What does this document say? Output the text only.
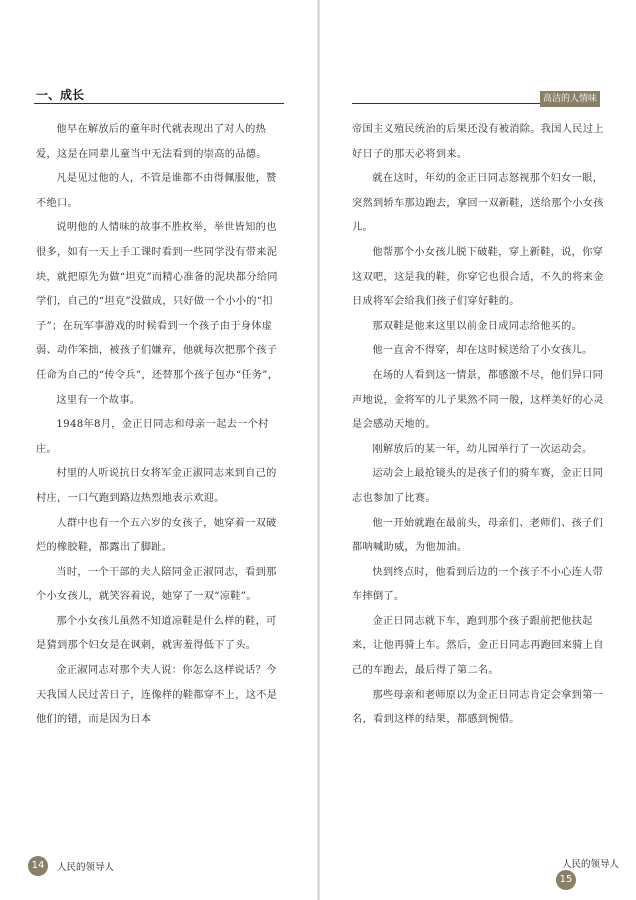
一、成长

他早在解放后的童年时代就表现出了对人的热爱，这是在同辈儿童当中无法看到的崇高的品德。

凡是见过他的人，不管是谁都不由得佩服他，赞不绝口。

说明他的人情味的故事不胜枚举，举世皆知的也很多，如有一天上手工课时看到一些同学没有带来泥块，就把原先为做“坦克”而精心准备的泥块都分给同学们，自己的“坦克”没做成，只好做一个小小的“扣子”；在玩军事游戏的时候看到一个孩子由于身体虚弱、动作笨拙，被孩子们嫌弃，他就每次把那个孩子任命为自己的“传令兵”，还替那个孩子包办“任务”，

这里有一个故事。

1948年8月，金正日同志和母亲一起去一个村庄。

村里的人听说抗日女将军金正淑同志来到自己的村庄，一口气跑到路边热烈地表示欢迎。

人群中也有一个五六岁的女孩子，她穿着一双破烂的橡胶鞋，都露出了脚趾。

当时，一个干部的夫人陪同金正淑同志，看到那个小女孩儿，就笑容着说，她穿了一双“凉鞋”。

那个小女孩儿虽然不知道凉鞋是什么样的鞋，可是猜到那个妇女是在讽刺，就害羞得低下了头。

金正淑同志对那个夫人说：你怎么这样说话？今天我国人民过苦日子，连像样的鞋都穿不上，这不是他们的错，而是因为日本

14 人民的领导人
高洁的人情味

帝国主义殖民统治的后果还没有被消除。我国人民过上好日子的那天必将到来。

就在这时，年幼的金正日同志怒视那个妇女一眼，突然到轿车那边跑去，拿回一双新鞋，送给那个小女孩儿。

他帮那个小女孩儿脱下破鞋，穿上新鞋，说，你穿这双吧，这是我的鞋，你穿它也很合适，不久的将来金日成将军会给我们孩子们穿好鞋的。

那双鞋是他来这里以前金日成同志给他买的。

他一直舍不得穿，却在这时候送给了小女孩儿。

在场的人看到这一情景，都感激不尽，他们异口同声地说，金将军的儿子果然不同一般，这样美好的心灵是会感动天地的。

刚解放后的某一年，幼儿园举行了一次运动会。

运动会上最抢镜头的是孩子们的骑车赛，金正日同志也参加了比赛。

他一开始就跑在最前头，母亲们、老师们、孩子们都呐喊助威，为他加油。

快到终点时，他看到后边的一个孩子不小心连人带车摔倒了。

金正日同志就下车，跑到那个孩子跟前把他扶起来，让他再骑上车。然后，金正日同志再跑回来骑上自己的车跑去，最后得了第二名。

那些母亲和老师原以为金正日同志肯定会拿到第一名，看到这样的结果，都感到惋惜。

人民的领导人 15
